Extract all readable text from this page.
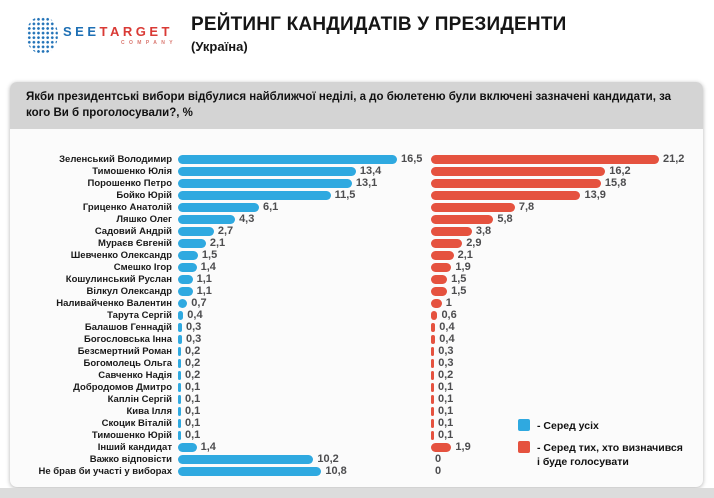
SEETARGET
COMPANY
РЕЙТИНГ КАНДИДАТІВ У ПРЕЗИДЕНТИ
(Україна)
Якби президентські вибори відбулися найближчої неділі, а до бюлетеню були включені зазначені кандидати, за кого Ви б проголосували?, %
Зеленський Володимир	16,5	21,2
Тимошенко Юлія	13,4	16,2
Порошенко Петро	13,1	15,8
Бойко Юрій	11,5	13,9
Гриценко Анатолій	6,1	7,8
Ляшко Олег	4,3	5,8
Садовий Андрій	2,7	3,8
Мураєв Євгеній	2,1	2,9
Шевченко Олександр	1,5	2,1
Смешко Ігор	1,4	1,9
Кошулинський Руслан	1,1	1,5
Вілкул Олександр	1,1	1,5
Наливайченко Валентин	0,7	1
Тарута Сергій	0,4	0,6
Балашов Геннадій	0,3	0,4
Богословська Інна	0,3	0,4
Безсмертний Роман	0,2	0,3
Богомолець Ольга	0,2	0,3
Савченко Надія	0,2	0,2
Добродомов Дмитро	0,1	0,1
Каплін Сергій	0,1	0,1
Кива Ілля	0,1	0,1
Скоцик Віталій	0,1	0,1
Тимошенко Юрій	0,1	0,1
Інший кандидат	1,4	1,9
Важко відповісти	10,2	0
Не брав би участі у виборах	10,8	0
- Серед усіх
- Серед тих, хто визначився і буде голосувати
